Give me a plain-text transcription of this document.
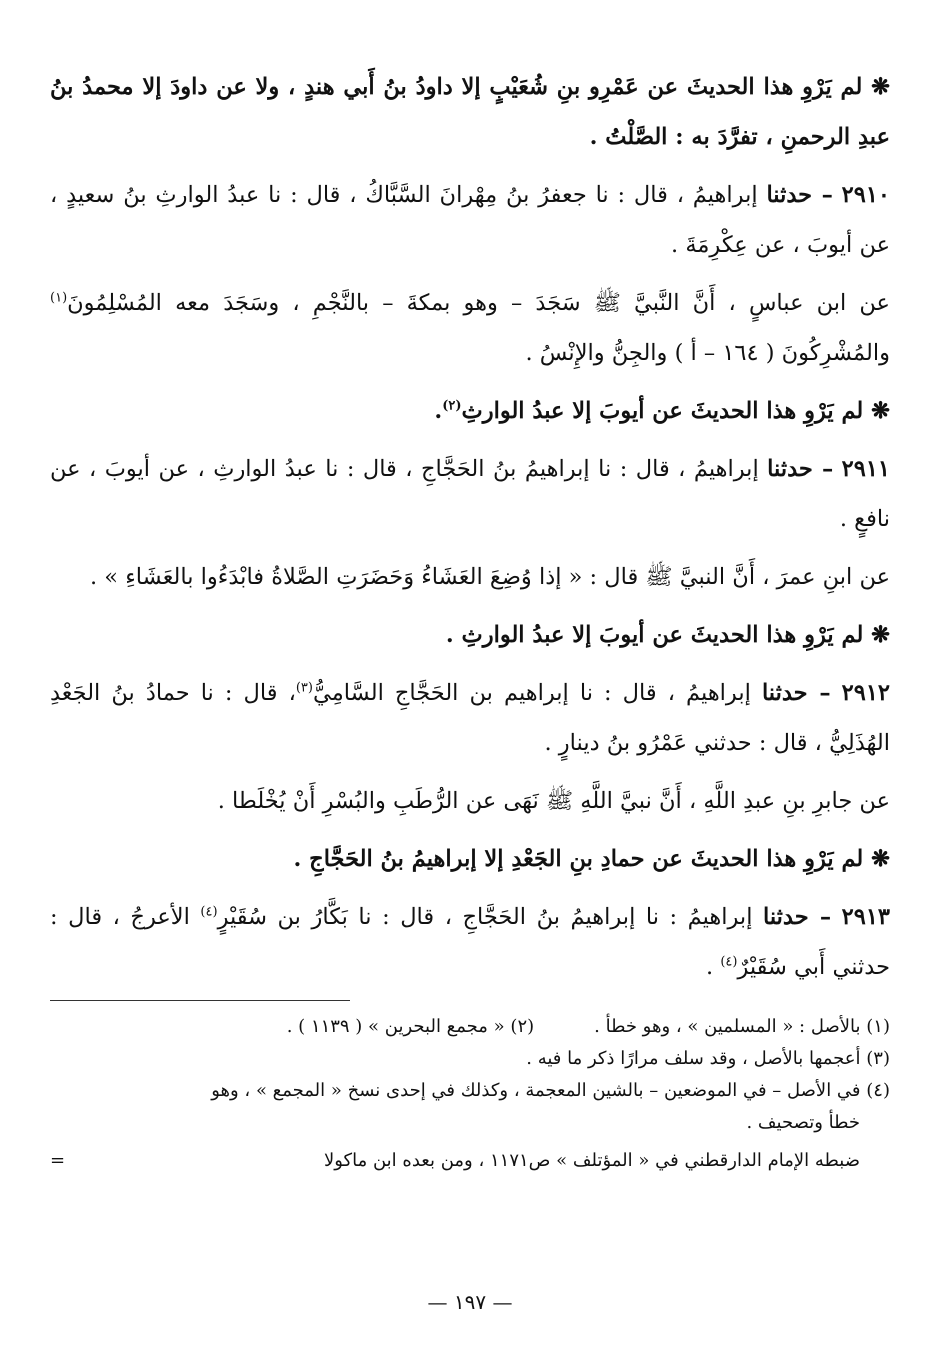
❋ لم يَرْوِ هذا الحديثَ عن عَمْرِو بنِ شُعَيْبٍ إلا داودُ بنُ أَبي هندٍ ، ولا عن داودَ إلا محمدُ بنُ عبدِ الرحمنِ ، تفرَّدَ به : الصَّلْتُ .

٢٩١٠ – حدثنا إبراهيمُ ، قال : نا جعفرُ بنُ مِهْرانَ السَّبَّاكُ ، قال : نا عبدُ الوارثِ بنُ سعيدٍ ، عن أيوبَ ، عن عِكْرِمَةَ .

عن ابن عباسٍ ، أَنَّ النَّبيَّ ﷺ سَجَدَ – وهو بمكةَ – بالنَّجْمِ ، وسَجَدَ معه المُسْلِمُونَ$^{(١)}$ والمُشْرِكُونَ ( ١٦٤ – أ ) والجِنُّ والإِنْسُ .

❋ لم يَرْوِ هذا الحديثَ عن أيوبَ إلا عبدُ الوارثِ$^{(٢)}$.

٢٩١١ – حدثنا إبراهيمُ ، قال : نا إبراهيمُ بنُ الحَجَّاجِ ، قال : نا عبدُ الوارثِ ، عن أيوبَ ، عن نافعٍ .

عن ابنِ عمرَ ، أَنَّ النبيَّ ﷺ قال : « إذا وُضِعَ العَشَاءُ وَحَضَرَتِ الصَّلاةُ فابْدَءُوا بالعَشَاءِ » .

❋ لم يَرْوِ هذا الحديثَ عن أيوبَ إلا عبدُ الوارثِ .

٢٩١٢ – حدثنا إبراهيمُ ، قال : نا إبراهيم بن الحَجَّاجِ السَّامِيُّ$^{(٣)}$، قال : نا حمادُ بنُ الجَعْدِ الهُذَلِيُّ ، قال : حدثني عَمْرُو بنُ دينارٍ .

عن جابرِ بنِ عبدِ اللَّهِ ، أَنَّ نبيَّ اللَّهِ ﷺ نَهَى عن الرُّطَبِ والبُسْرِ أَنْ يُخْلَطا .

❋ لم يَرْوِ هذا الحديثَ عن حمادِ بنِ الجَعْدِ إلا إبراهيمُ بنُ الحَجَّاجِ .

٢٩١٣ – حدثنا إبراهيمُ : نا إبراهيمُ بنُ الحَجَّاجِ ، قال : نا بَكَّارُ بن سُقَيْرٍ$^{(٤)}$ الأعرجُ ، قال : حدثني أَبي سُقَيْرٌ$^{(٤)}$ .

(١) بالأصل : « المسلمين » ، وهو خطأ .
(٢) « مجمع البحرين » ( ١١٣٩ ) .

(٣) أعجمها بالأصل ، وقد سلف مرارًا ذكر ما فيه .

(٤) في الأصل – في الموضعين – بالشين المعجمة ، وكذلك في إحدى نسخ « المجمع » ، وهو

خطأ وتصحيف .

ضبطه الإمام الدارقطني في « المؤتلف » ص١١٧١ ، ومن بعده ابن ماكولا
=

— ١٩٧ —
